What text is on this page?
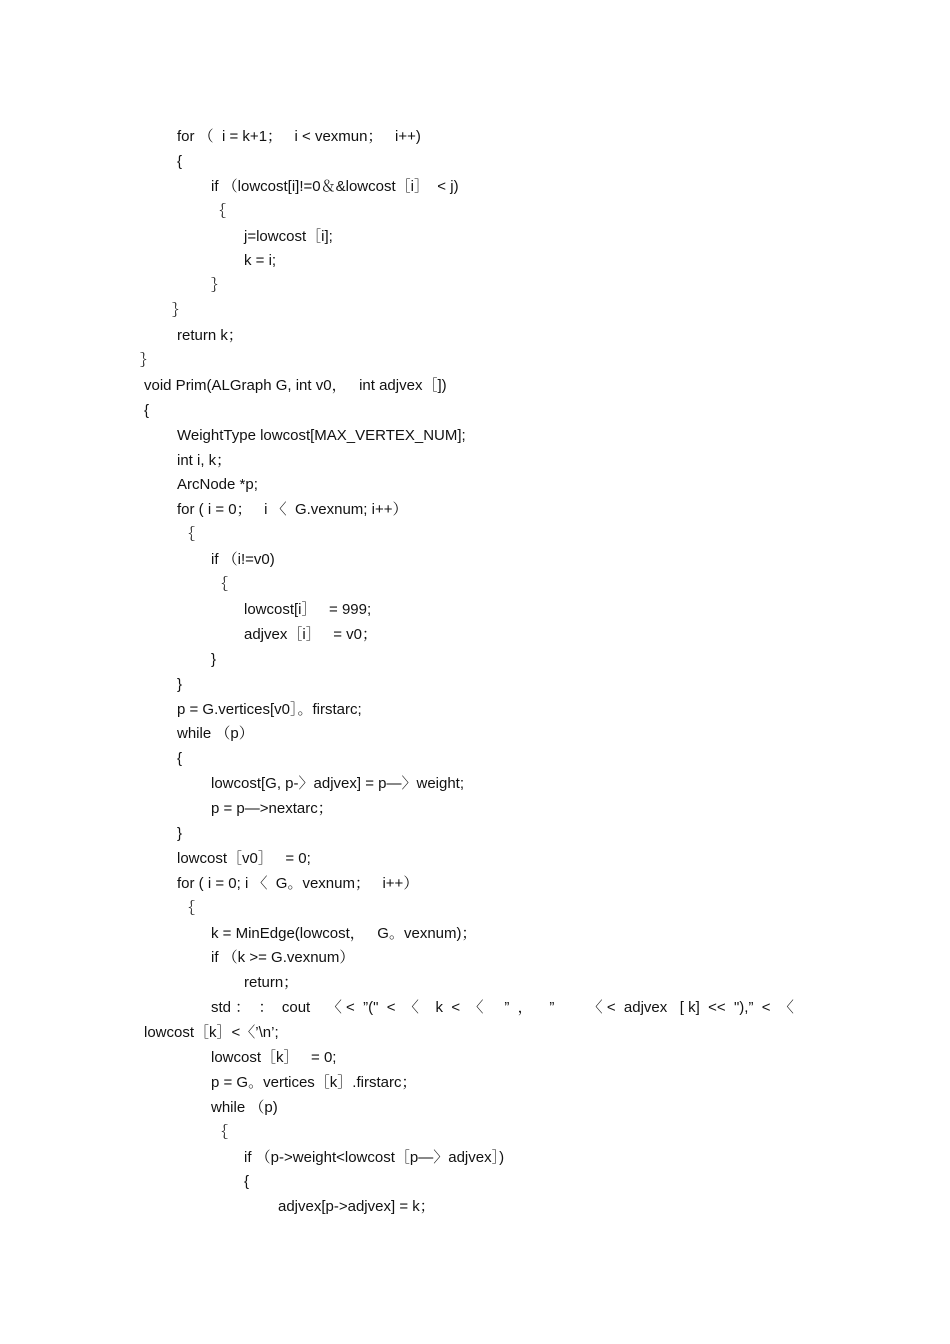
for （  i = k+1；   i < vexmun；   i++)
{
if （lowcost[i]!=0＆&lowcost［i］  < j)
｛
j=lowcost［i];
k = i;
｝
｝
return k；
｝
void Prim(ALGraph G, int v0，   int adjvex［])
{
WeightType lowcost[MAX_VERTEX_NUM];
int i, k；
ArcNode *p;
for ( i = 0；   i 〈  G.vexnum; i++）
｛
if （i!=v0)
｛
lowcost[i］   = 999;
adjvex［i］   = v0；
}
}
p = G.vertices[v0］。firstarc;
while （p）
{
lowcost[G, p-〉adjvex] = p—〉weight;
p = p—>nextarc；
}
lowcost［v0］   = 0;
for ( i = 0; i 〈  G。vexnum；   i++）
｛
k = MinEdge(lowcost，   G。vexnum)；
if （k >= G.vexnum）
return；
std ：  ：  cout    〈 <  ”("  <  〈    k  <  〈     ”  ，    ”        〈 <  adjvex   [ k]  <<  "),”  <  〈
lowcost［k］<〈’\n’;
lowcost［k］   = 0;
p = G。vertices［k］.firstarc；
while （p)
｛
if （p->weight<lowcost［p—〉adjvex］)
{
adjvex[p->adjvex] = k；
